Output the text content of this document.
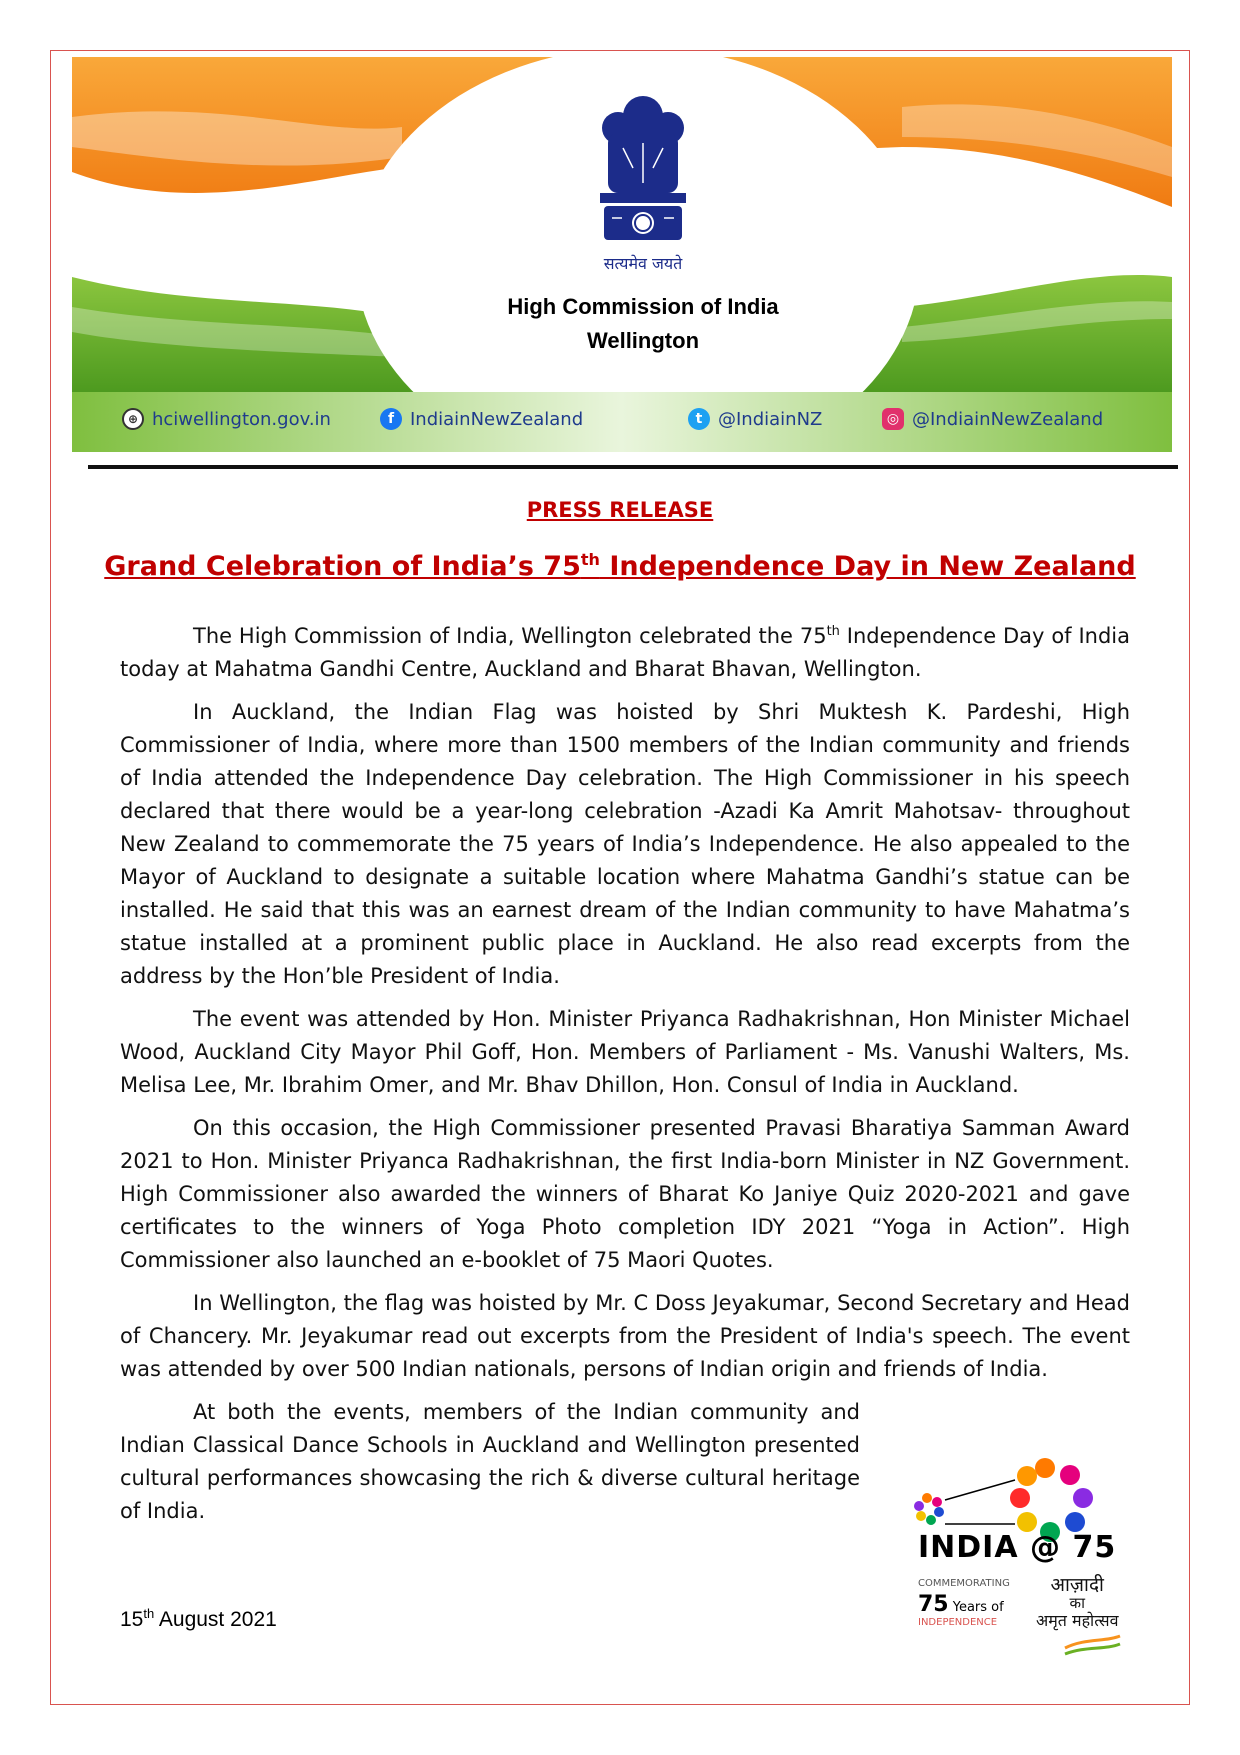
सत्यमेव जयते
High Commission of India
Wellington
⊕ hciwellington.gov.in	f IndiainNewZealand	t @IndiainNZ	◎ @IndiainNewZealand
PRESS RELEASE
Grand Celebration of India’s 75th Independence Day in New Zealand

The High Commission of India, Wellington celebrated the 75th Independence Day of India today at Mahatma Gandhi Centre, Auckland and Bharat Bhavan, Wellington.

In Auckland, the Indian Flag was hoisted by Shri Muktesh K. Pardeshi, High Commissioner of India, where more than 1500 members of the Indian community and friends of India attended the Independence Day celebration. The High Commissioner in his speech declared that there would be a year-long celebration -Azadi Ka Amrit Mahotsav- throughout New Zealand to commemorate the 75 years of India’s Independence. He also appealed to the Mayor of Auckland to designate a suitable location where Mahatma Gandhi’s statue can be installed. He said that this was an earnest dream of the Indian community to have Mahatma’s statue installed at a prominent public place in Auckland. He also read excerpts from the address by the Hon’ble President of India.

The event was attended by Hon. Minister Priyanca Radhakrishnan, Hon Minister Michael Wood, Auckland City Mayor Phil Goff, Hon. Members of Parliament - Ms. Vanushi Walters, Ms. Melisa Lee, Mr. Ibrahim Omer, and Mr. Bhav Dhillon, Hon. Consul of India in Auckland.

On this occasion, the High Commissioner presented Pravasi Bharatiya Samman Award 2021 to Hon. Minister Priyanca Radhakrishnan, the first India-born Minister in NZ Government. High Commissioner also awarded the winners of Bharat Ko Janiye Quiz 2020-2021 and gave certificates to the winners of Yoga Photo completion IDY 2021 “Yoga in Action”. High Commissioner also launched an e-booklet of 75 Maori Quotes.

In Wellington, the flag was hoisted by Mr. C Doss Jeyakumar, Second Secretary and Head of Chancery. Mr. Jeyakumar read out excerpts from the President of India's speech. The event was attended by over 500 Indian nationals, persons of Indian origin and friends of India.

At both the events, members of the Indian community and Indian Classical Dance Schools in Auckland and Wellington presented cultural performances showcasing the rich & diverse cultural heritage of India.

15th August 2021
INDIA @ 75
COMMEMORATING
75 Years of
INDEPENDENCE
आज़ादी
का
अमृत महोत्सव
